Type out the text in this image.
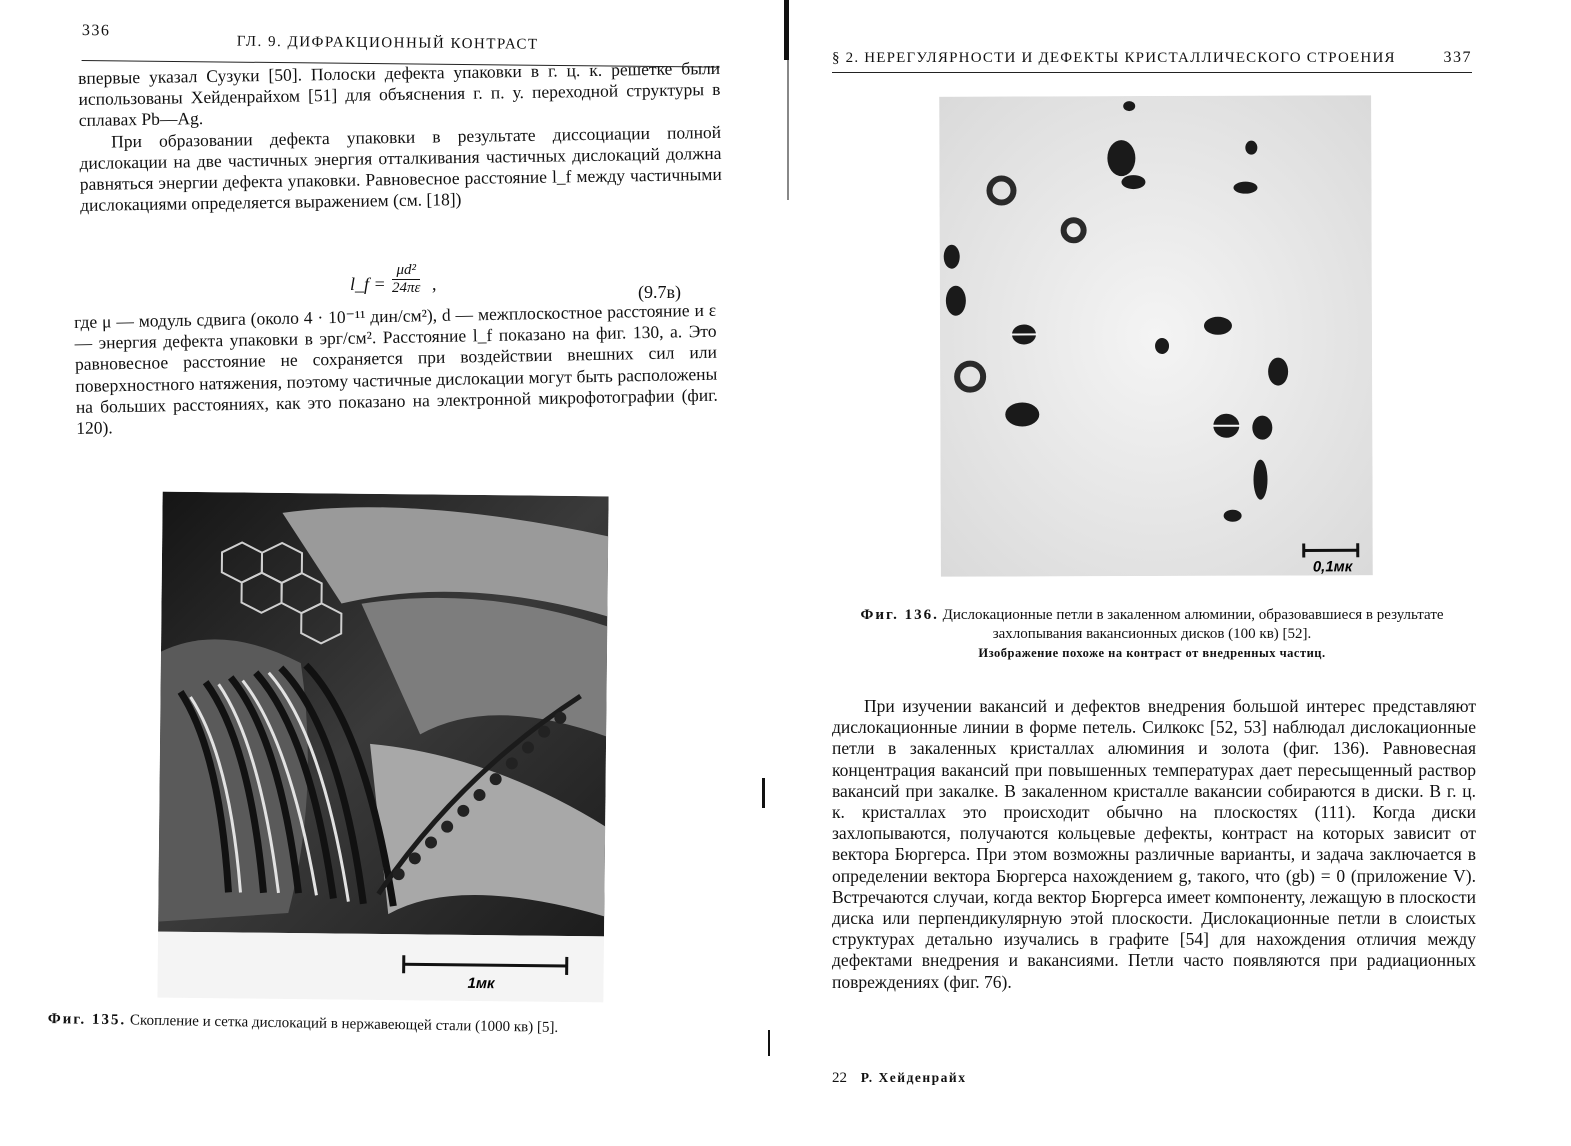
336
ГЛ. 9. ДИФРАКЦИОННЫЙ КОНТРАСТ

впервые указал Сузуки [50]. Полоски дефекта упаковки в г. ц. к. решетке были использованы Хейденрайхом [51] для объяснения г. п. у. переходной структуры в сплавах Pb—Ag.

При образовании дефекта упаковки в результате диссоциации полной дислокации на две частичных энергия отталкивания частичных дислокаций должна равняться энергии дефекта упаковки. Равновесное расстояние l_f между частичными дислокациями определяется выражением (см. [18])

l_f = $\frac{\text{μd²}}{24\pi\varepsilon}$ ,	(9.7в)

где μ — модуль сдвига (около 4 · 10⁻¹¹ дин/см²), d — межплоскостное расстояние и ε — энергия дефекта упаковки в эрг/см². Расстояние l_f показано на фиг. 130, а. Это равновесное расстояние не сохраняется при воздействии внешних сил или поверхностного натяжения, поэтому частичные дислокации могут быть расположены на больших расстояниях, как это показано на электронной микрофотографии (фиг. 120).

1мк
Фиг. 135. Скопление и сетка дислокаций в нержавеющей стали (1000 кв) [5].
§ 2. НЕРЕГУЛЯРНОСТИ И ДЕФЕКТЫ КРИСТАЛЛИЧЕСКОГО СТРОЕНИЯ	337
0,1мк
Фиг. 136. Дислокационные петли в закаленном алюминии, образовавшиеся в результате захлопывания вакансионных дисков (100 кв) [52].
Изображение похоже на контраст от внедренных частиц.

При изучении вакансий и дефектов внедрения большой интерес представляют дислокационные линии в форме петель. Силкокс [52, 53] наблюдал дислокационные петли в закаленных кристаллах алюминия и золота (фиг. 136). Равновесная концентрация вакансий при повышенных температурах дает пересыщенный раствор вакансий при закалке. В закаленном кристалле вакансии собираются в диски. В г. ц. к. кристаллах это происходит обычно на плоскостях (111). Когда диски захлопываются, получаются кольцевые дефекты, контраст на которых зависит от вектора Бюргерса. При этом возможны различные варианты, и задача заключается в определении вектора Бюргерса нахождением g, такого, что (gb) = 0 (приложение V). Встречаются случаи, когда вектор Бюргерса имеет компоненту, лежащую в плоскости диска или перпендикулярную этой плоскости. Дислокационные петли в слоистых структурах детально изучались в графите [54] для нахождения отличия между дефектами внедрения и вакансиями. Петли часто появляются при радиационных повреждениях (фиг. 76).

22 Р. Хейденрайх
